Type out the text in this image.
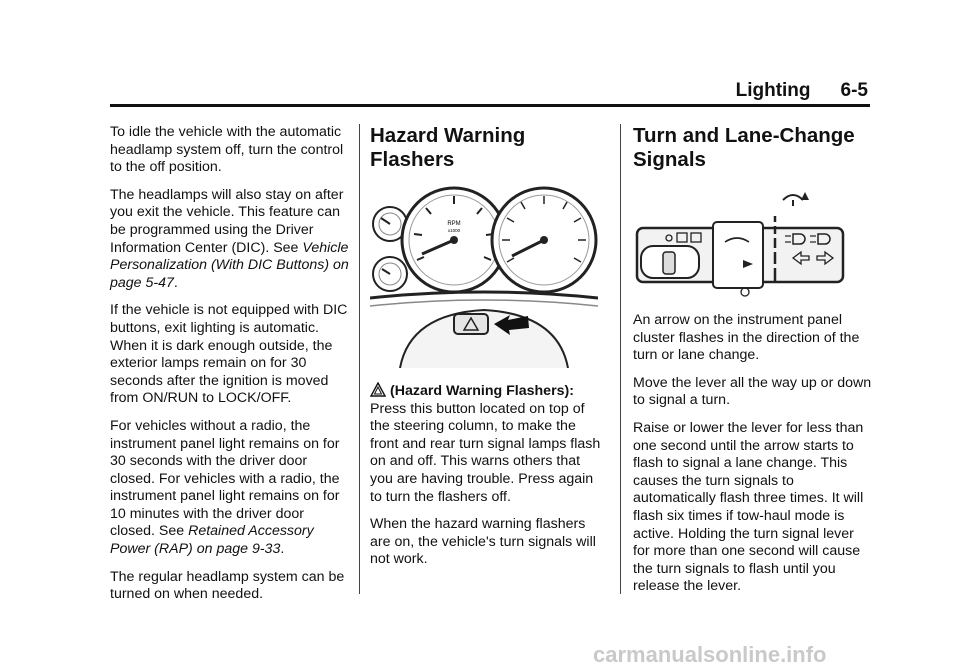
Lighting 6-5

To idle the vehicle with the automatic headlamp system off, turn the control to the off position.

The headlamps will also stay on after you exit the vehicle. This feature can be programmed using the Driver Information Center (DIC). See Vehicle Personalization (With DIC Buttons) on page 5-47.

If the vehicle is not equipped with DIC buttons, exit lighting is automatic. When it is dark enough outside, the exterior lamps remain on for 30 seconds after the ignition is moved from ON/RUN to LOCK/OFF.

For vehicles without a radio, the instrument panel light remains on for 30 seconds with the driver door closed. For vehicles with a radio, the instrument panel light remains on for 10 minutes with the driver door closed. See Retained Accessory Power (RAP) on page 9-33.

The regular headlamp system can be turned on when needed.

Hazard Warning Flashers
RPM
x1000

(Hazard Warning Flashers): Press this button located on top of the steering column, to make the front and rear turn signal lamps flash on and off. This warns others that you are having trouble. Press again to turn the flashers off.

When the hazard warning flashers are on, the vehicle's turn signals will not work.

Turn and Lane-Change Signals

An arrow on the instrument panel cluster flashes in the direction of the turn or lane change.

Move the lever all the way up or down to signal a turn.

Raise or lower the lever for less than one second until the arrow starts to flash to signal a lane change. This causes the turn signals to automatically flash three times. It will flash six times if tow-haul mode is active. Holding the turn signal lever for more than one second will cause the turn signals to flash until you release the lever.

carmanualsonline.info
